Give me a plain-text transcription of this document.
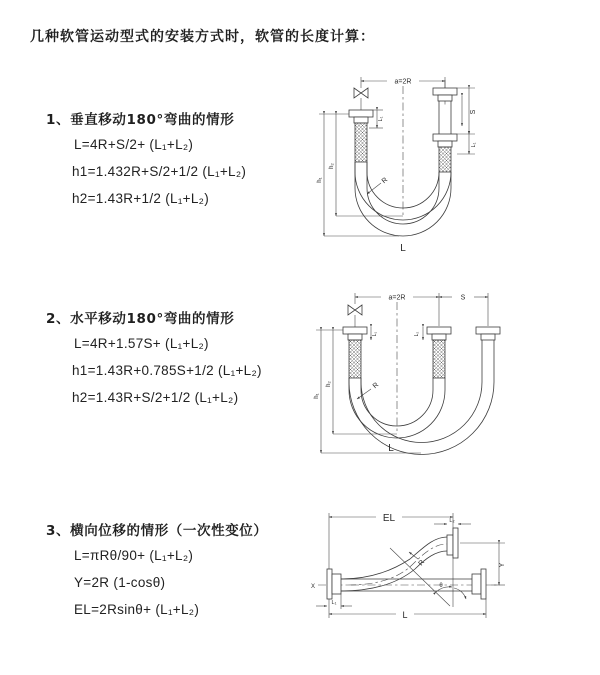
几种软管运动型式的安装方式时，软管的长度计算：
1、垂直移动180°弯曲的情形
L=4R+S/2+ (L₁+L₂)
h1=1.432R+S/2+1/2 (L₁+L₂)
h2=1.43R+1/2 (L₁+L₂)
2、水平移动180°弯曲的情形
L=4R+1.57S+ (L₁+L₂)
h1=1.43R+0.785S+1/2 (L₁+L₂)
h2=1.43R+S/2+1/2 (L₁+L₂)
3、横向位移的情形（一次性变位）
L=πRθ/90+ (L₁+L₂)
Y=2R (1-cosθ)
EL=2Rsinθ+ (L₁+L₂)
a=2R
R
h₂
h₁
L₁
S
L₁
L
a=2R	S
R
h₂
h₁
L₁	L₂
L
EL	L₂
R
θ
Y
L₁
L
X
